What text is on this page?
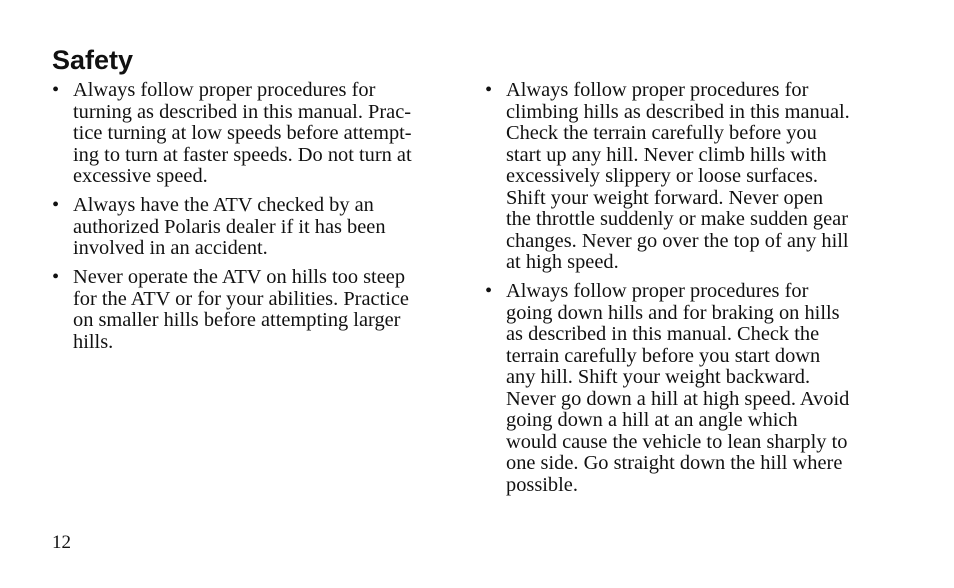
Safety
• Always follow proper procedures for
turning as described in this manual. Prac-
tice turning at low speeds before attempt-
ing to turn at faster speeds. Do not turn at
excessive speed.
• Always have the ATV checked by an
authorized Polaris dealer if it has been
involved in an accident.
• Never operate the ATV on hills too steep
for the ATV or for your abilities. Practice
on smaller hills before attempting larger
hills.
• Always follow proper procedures for
climbing hills as described in this manual.
Check the terrain carefully before you
start up any hill. Never climb hills with
excessively slippery or loose surfaces.
Shift your weight forward. Never open
the throttle suddenly or make sudden gear
changes. Never go over the top of any hill
at high speed.
• Always follow proper procedures for
going down hills and for braking on hills
as described in this manual. Check the
terrain carefully before you start down
any hill. Shift your weight backward.
Never go down a hill at high speed. Avoid
going down a hill at an angle which
would cause the vehicle to lean sharply to
one side. Go straight down the hill where
possible.

12
